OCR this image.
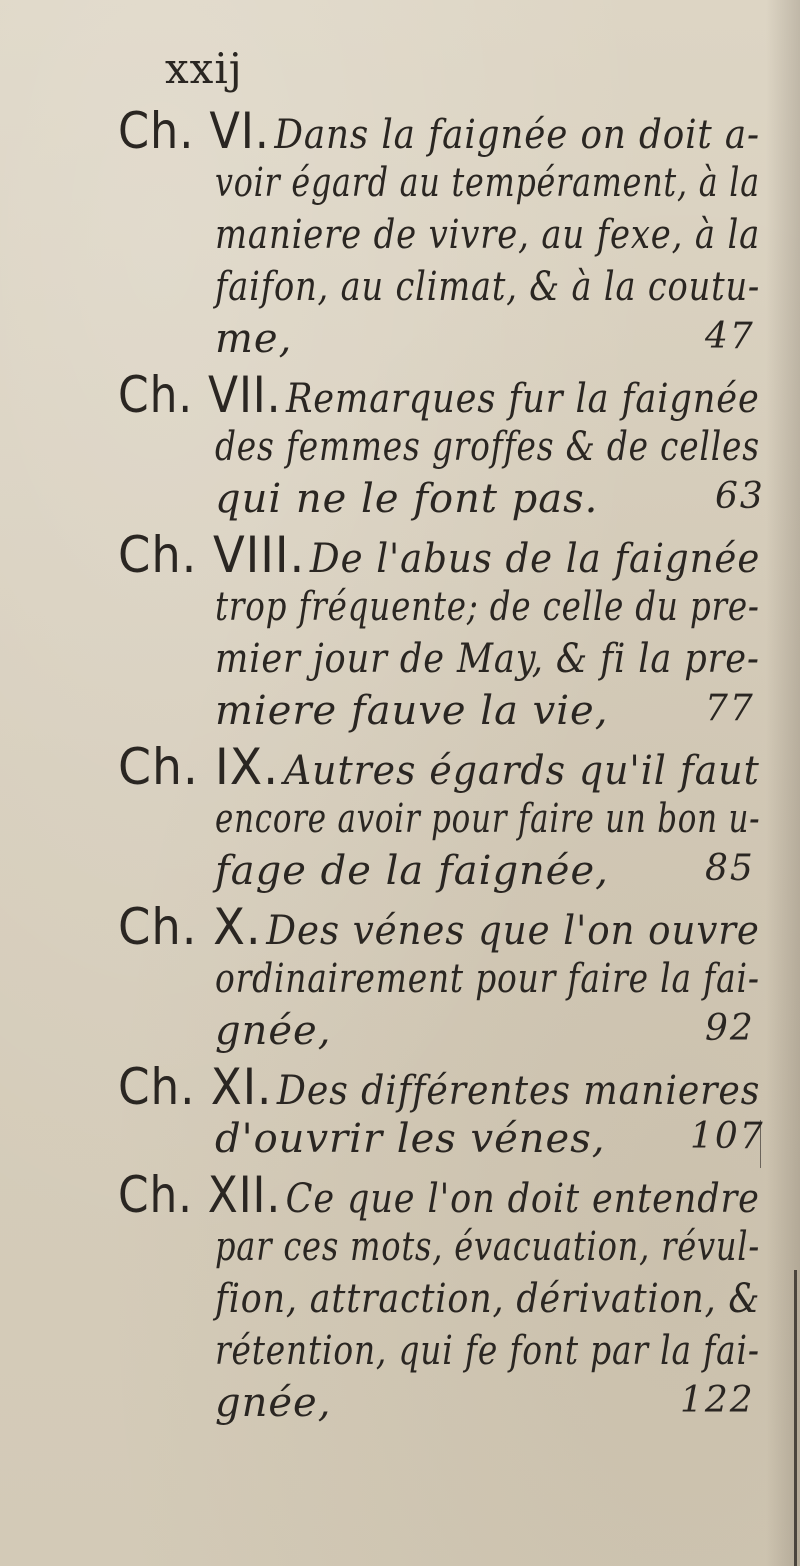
xxij
Ch. VI. Dans la faignée on doit a-
voir égard au tempérament, à la
maniere de vivre, au fexe, à la
faifon, au climat, & à la coutu-
me,	47
Ch. VII. Remarques fur la faignée
des femmes groffes & de celles
qui ne le font pas.	63
Ch. VIII. De l'abus de la faignée
trop fréquente; de celle du pre-
mier jour de May, & fi la pre-
miere fauve la vie,	77
Ch. IX. Autres égards qu'il faut
encore avoir pour faire un bon u-
fage de la faignée,	85
Ch. X. Des vénes que l'on ouvre
ordinairement pour faire la fai-
gnée,	92
Ch. XI. Des différentes manieres
d'ouvrir les vénes, 107
Ch. XII. Ce que l'on doit entendre
par ces mots, évacuation, révul-
fion, attraction, dérivation, &
rétention, qui fe font par la fai-
gnée,	122
